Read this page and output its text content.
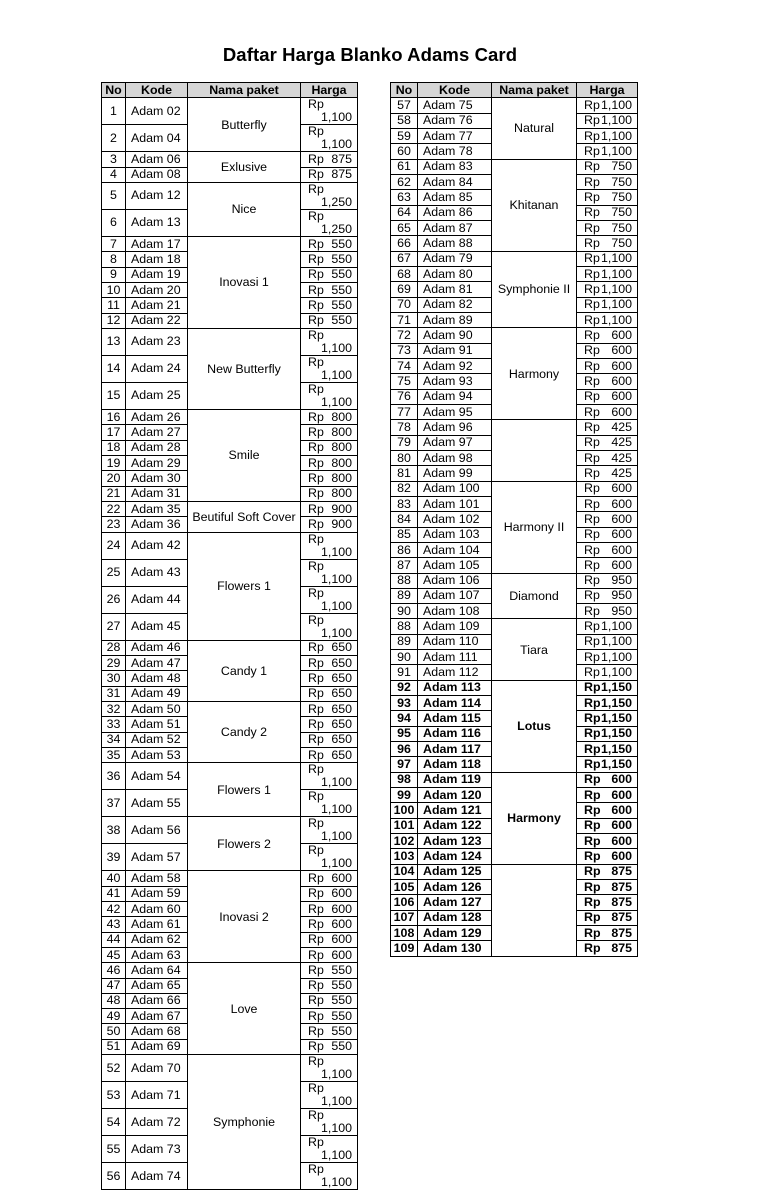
Daftar Harga Blanko Adams Card
No	Kode	Nama paket	Harga
1	Adam 02	Butterfly	Rp
1,100

2	Adam 04		Rp
1,100

3	Adam 06	Exlusive	Rp 875

4	Adam 08		Rp 875

5	Adam 12	Nice	Rp
1,250

6	Adam 13		Rp
1,250

7	Adam 17	Inovasi 1	Rp 550

8	Adam 18		Rp 550

9	Adam 19		Rp 550

10	Adam 20		Rp 550

11	Adam 21		Rp 550

12	Adam 22		Rp 550

13	Adam 23	New Butterfly	Rp
1,100

14	Adam 24		Rp
1,100

15	Adam 25		Rp
1,100

16	Adam 26	Smile	Rp 800

17	Adam 27		Rp 800

18	Adam 28		Rp 800

19	Adam 29		Rp 800

20	Adam 30		Rp 800

21	Adam 31		Rp 800

22	Adam 35	Beutiful Soft Cover	Rp 900

23	Adam 36		Rp 900

24	Adam 42	Flowers 1	Rp
1,100

25	Adam 43		Rp
1,100

26	Adam 44		Rp
1,100

27	Adam 45		Rp
1,100

28	Adam 46	Candy 1	Rp 650

29	Adam 47		Rp 650

30	Adam 48		Rp 650

31	Adam 49		Rp 650

32	Adam 50	Candy 2	Rp 650

33	Adam 51		Rp 650

34	Adam 52		Rp 650

35	Adam 53		Rp 650

36	Adam 54	Flowers 1	Rp
1,100

37	Adam 55		Rp
1,100

38	Adam 56	Flowers 2	Rp
1,100

39	Adam 57		Rp
1,100

40	Adam 58	Inovasi 2	Rp 600

41	Adam 59		Rp 600

42	Adam 60		Rp 600

43	Adam 61		Rp 600

44	Adam 62		Rp 600

45	Adam 63		Rp 600

46	Adam 64	Love	Rp 550

47	Adam 65		Rp 550

48	Adam 66		Rp 550

49	Adam 67		Rp 550

50	Adam 68		Rp 550

51	Adam 69		Rp 550

52	Adam 70	Symphonie	Rp
1,100

53	Adam 71		Rp
1,100

54	Adam 72		Rp
1,100

55	Adam 73		Rp
1,100

56	Adam 74		Rp
1,100
No	Kode	Nama paket	Harga
57	Adam 75	Natural	Rp 1,100

58	Adam 76		Rp 1,100

59	Adam 77		Rp 1,100

60	Adam 78		Rp 1,100

61	Adam 83	Khitanan	Rp 750

62	Adam 84		Rp 750

63	Adam 85		Rp 750

64	Adam 86		Rp 750

65	Adam 87		Rp 750

66	Adam 88		Rp 750

67	Adam 79	Symphonie II	Rp 1,100

68	Adam 80		Rp 1,100

69	Adam 81		Rp 1,100

70	Adam 82		Rp 1,100

71	Adam 89		Rp 1,100

72	Adam 90	Harmony	Rp 600

73	Adam 91		Rp 600

74	Adam 92		Rp 600

75	Adam 93		Rp 600

76	Adam 94		Rp 600

77	Adam 95		Rp 600

78	Adam 96		Rp 425

79	Adam 97		Rp 425

80	Adam 98		Rp 425

81	Adam 99		Rp 425

82	Adam 100	Harmony II	Rp 600

83	Adam 101		Rp 600

84	Adam 102		Rp 600

85	Adam 103		Rp 600

86	Adam 104		Rp 600

87	Adam 105		Rp 600

88	Adam 106	Diamond	Rp 950

89	Adam 107		Rp 950

90	Adam 108		Rp 950

88	Adam 109	Tiara	Rp 1,100

89	Adam 110		Rp 1,100

90	Adam 111		Rp 1,100

91	Adam 112		Rp 1,100

92	Adam 113	Lotus	Rp 1,150

93	Adam 114		Rp 1,150

94	Adam 115		Rp 1,150

95	Adam 116		Rp 1,150

96	Adam 117		Rp 1,150

97	Adam 118		Rp 1,150

98	Adam 119	Harmony	Rp 600

99	Adam 120		Rp 600

100	Adam 121		Rp 600

101	Adam 122		Rp 600

102	Adam 123		Rp 600

103	Adam 124		Rp 600

104	Adam 125		Rp 875

105	Adam 126		Rp 875

106	Adam 127		Rp 875

107	Adam 128		Rp 875

108	Adam 129		Rp 875

109	Adam 130		Rp 875
